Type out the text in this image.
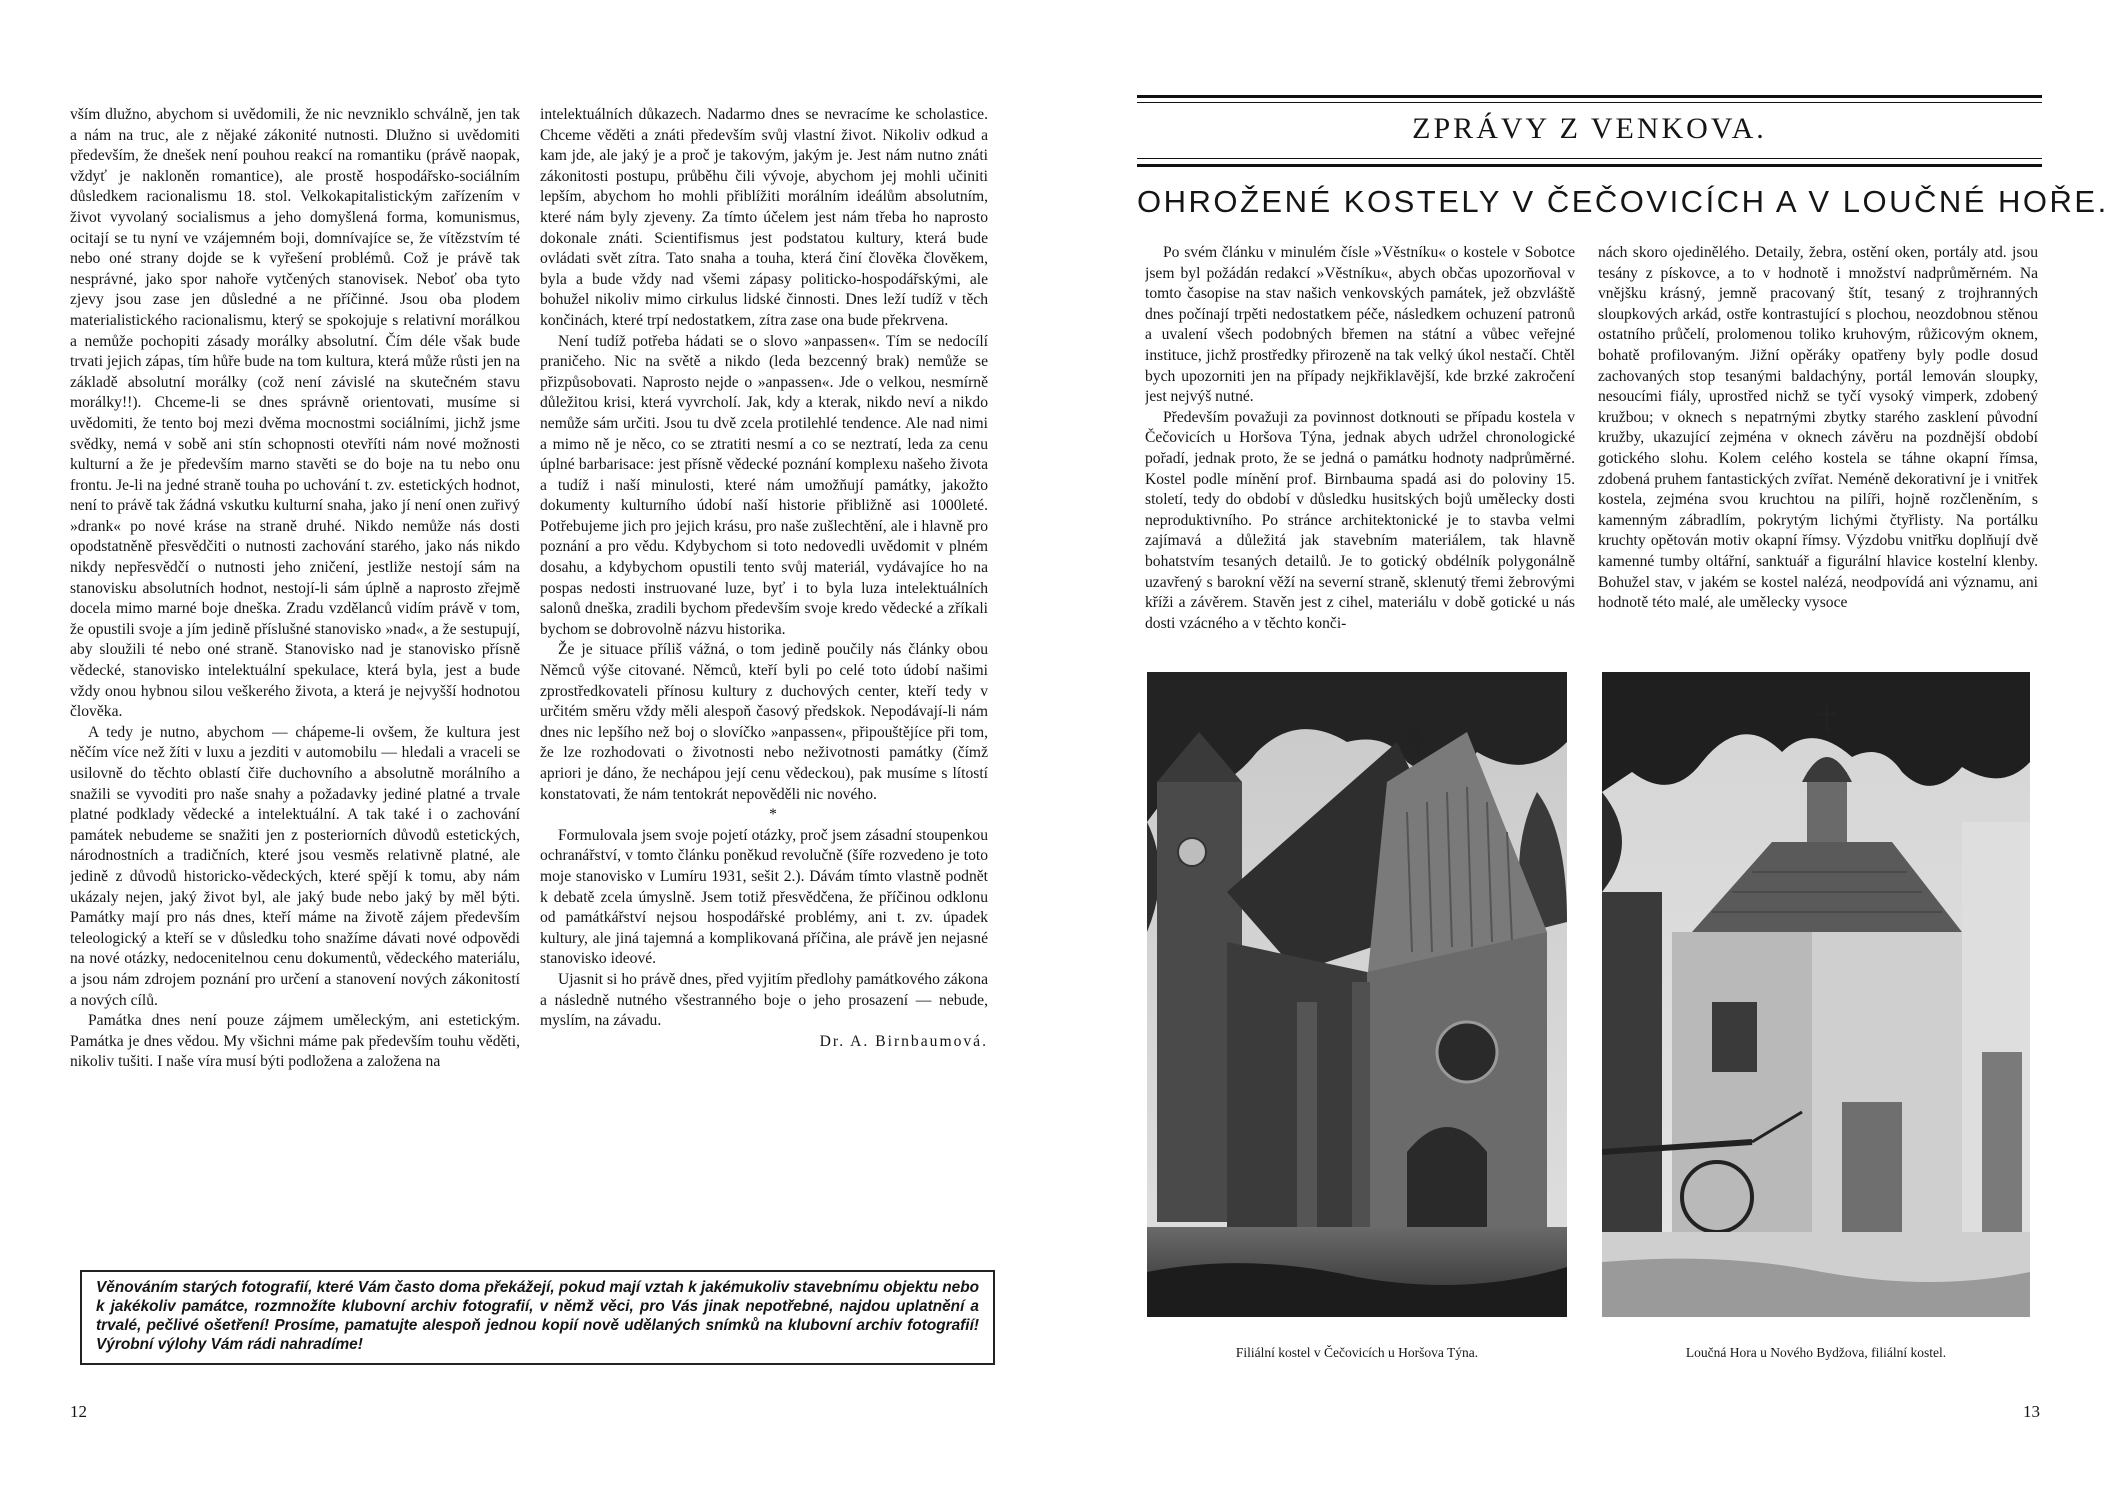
vším dlužno, abychom si uvědomili, že nic nevzniklo schválně, jen tak a nám na truc, ale z nějaké zákonité nutnosti. Dlužno si uvědomiti především, že dnešek není pouhou reakcí na romantiku (právě naopak, vždyť je nakloněn romantice), ale prostě hospodářsko-sociálním důsledkem racionalismu 18. stol. Velkokapitalistickým zařízením v život vyvolaný socialismus a jeho domyšlená forma, komunismus, ocitají se tu nyní ve vzájemném boji, domnívajíce se, že vítězstvím té nebo oné strany dojde se k vyřešení problémů. Což je právě tak nesprávné, jako spor nahoře vytčených stanovisek. Neboť oba tyto zjevy jsou zase jen důsledné a ne příčinné. Jsou oba plodem materialistického racionalismu, který se spokojuje s relativní morálkou a nemůže pochopiti zásady morálky absolutní. Čím déle však bude trvati jejich zápas, tím hůře bude na tom kultura, která může růsti jen na základě absolutní morálky (což není závislé na skutečném stavu morálky!!). Chceme-li se dnes správně orientovati, musíme si uvědomiti, že tento boj mezi dvěma mocnostmi sociálními, jichž jsme svědky, nemá v sobě ani stín schopnosti otevříti nám nové možnosti kulturní a že je především marno stavěti se do boje na tu nebo onu frontu. Je-li na jedné straně touha po uchování t. zv. estetických hodnot, není to právě tak žádná vskutku kulturní snaha, jako jí není onen zuřivý »drank« po nové kráse na straně druhé. Nikdo nemůže nás dosti opodstatněně přesvědčiti o nutnosti zachování starého, jako nás nikdo nikdy nepřesvědčí o nutnosti jeho zničení, jestliže nestojí sám na stanovisku absolutních hodnot, nestojí-li sám úplně a naprosto zřejmě docela mimo marné boje dneška. Zradu vzdělanců vidím právě v tom, že opustili svoje a jím jedině příslušné stanovisko »nad«, a že sestupují, aby sloužili té nebo oné straně. Stanovisko nad je stanovisko přísně vědecké, stanovisko intelektuální spekulace, která byla, jest a bude vždy onou hybnou silou veškerého života, a která je nejvyšší hodnotou člověka.

A tedy je nutno, abychom — chápeme-li ovšem, že kultura jest něčím více než žíti v luxu a jezditi v automobilu — hledali a vraceli se usilovně do těchto oblastí čiře duchovního a absolutně morálního a snažili se vyvoditi pro naše snahy a požadavky jediné platné a trvale platné podklady vědecké a intelektuální. A tak také i o zachování památek nebudeme se snažiti jen z posteriorních důvodů estetických, národnostních a tradičních, které jsou vesměs relativně platné, ale jedině z důvodů historicko-vědeckých, které spějí k tomu, aby nám ukázaly nejen, jaký život byl, ale jaký bude nebo jaký by měl býti. Památky mají pro nás dnes, kteří máme na životě zájem především teleologický a kteří se v důsledku toho snažíme dávati nové odpovědi na nové otázky, nedocenitelnou cenu dokumentů, vědeckého materiálu, a jsou nám zdrojem poznání pro určení a stanovení nových zákonitostí a nových cílů.

Památka dnes není pouze zájmem uměleckým, ani estetickým. Památka je dnes vědou. My všichni máme pak především touhu věděti, nikoliv tušiti. I naše víra musí býti podložena a založena na

intelektuálních důkazech. Nadarmo dnes se nevracíme ke scholastice. Chceme věděti a znáti především svůj vlastní život. Nikoliv odkud a kam jde, ale jaký je a proč je takovým, jakým je. Jest nám nutno znáti zákonitosti postupu, průběhu čili vývoje, abychom jej mohli učiniti lepším, abychom ho mohli přiblížiti morálním ideálům absolutním, které nám byly zjeveny. Za tímto účelem jest nám třeba ho naprosto dokonale znáti. Scientifismus jest podstatou kultury, která bude ovládati svět zítra. Tato snaha a touha, která činí člověka člověkem, byla a bude vždy nad všemi zápasy politicko-hospodářskými, ale bohužel nikoliv mimo cirkulus lidské činnosti. Dnes leží tudíž v těch končinách, které trpí nedostatkem, zítra zase ona bude překrvena.

Není tudíž potřeba hádati se o slovo »anpassen«. Tím se nedocílí praničeho. Nic na světě a nikdo (leda bezcenný brak) nemůže se přizpůsobovati. Naprosto nejde o »anpassen«. Jde o velkou, nesmírně důležitou krisi, která vyvrcholí. Jak, kdy a kterak, nikdo neví a nikdo nemůže sám určiti. Jsou tu dvě zcela protilehlé tendence. Ale nad nimi a mimo ně je něco, co se ztratiti nesmí a co se neztratí, leda za cenu úplné barbarisace: jest přísně vědecké poznání komplexu našeho života a tudíž i naší minulosti, které nám umožňují památky, jakožto dokumenty kulturního údobí naší historie přibližně asi 1000leté. Potřebujeme jich pro jejich krásu, pro naše zušlechtění, ale i hlavně pro poznání a pro vědu. Kdybychom si toto nedovedli uvědomit v plném dosahu, a kdybychom opustili tento svůj materiál, vydávajíce ho na pospas nedosti instruované luze, byť i to byla luza intelektuálních salonů dneška, zradili bychom především svoje kredo vědecké a zříkali bychom se dobrovolně názvu historika.

Že je situace příliš vážná, o tom jedině poučily nás články obou Němců výše citované. Němců, kteří byli po celé toto údobí našimi zprostředkovateli přínosu kultury z duchových center, kteří tedy v určitém směru vždy měli alespoň časový předskok. Nepodávají-li nám dnes nic lepšího než boj o slovíčko »anpassen«, připouštějíce při tom, že lze rozhodovati o životnosti nebo neživotnosti památky (čímž apriori je dáno, že nechápou její cenu vědeckou), pak musíme s lítostí konstatovati, že nám tentokrát nepověděli nic nového.

*

Formulovala jsem svoje pojetí otázky, proč jsem zásadní stoupenkou ochranářství, v tomto článku poněkud revolučně (šíře rozvedeno je toto moje stanovisko v Lumíru 1931, sešit 2.). Dávám tímto vlastně podnět k debatě zcela úmyslně. Jsem totiž přesvědčena, že příčinou odklonu od památkářství nejsou hospodářské problémy, ani t. zv. úpadek kultury, ale jiná tajemná a komplikovaná příčina, ale právě jen nejasné stanovisko ideové.

Ujasnit si ho právě dnes, před vyjitím předlohy památkového zákona a následně nutného všestranného boje o jeho prosazení — nebude, myslím, na závadu.

Dr. A. Birnbaumová.

Věnováním starých fotografií, které Vám často doma překážejí, pokud mají vztah k jakémukoliv stavebnímu objektu nebo k jakékoliv památce, rozmnožíte klubovní archiv fotografií, v němž věci, pro Vás jinak nepotřebné, najdou uplatnění a trvalé, pečlivé ošetření! Prosíme, pamatujte alespoň jednou kopií nově udělaných snímků na klubovní archiv fotografií! Výrobní výlohy Vám rádi nahradíme!
12
ZPRÁVY Z VENKOVA.
OHROŽENÉ KOSTELY V ČEČOVICÍCH A V LOUČNÉ HOŘE.

Po svém článku v minulém čísle »Věstníku« o kostele v Sobotce jsem byl požádán redakcí »Věstníku«, abych občas upozorňoval v tomto časopise na stav našich venkovských památek, jež obzvláště dnes počínají trpěti nedostatkem péče, následkem ochuzení patronů a uvalení všech podobných břemen na státní a vůbec veřejné instituce, jichž prostředky přirozeně na tak velký úkol nestačí. Chtěl bych upozorniti jen na případy nejkřiklavější, kde brzké zakročení jest nejvýš nutné.

Především považuji za povinnost dotknouti se případu kostela v Čečovicích u Horšova Týna, jednak abych udržel chronologické pořadí, jednak proto, že se jedná o památku hodnoty nadprůměrné. Kostel podle mínění prof. Birnbauma spadá asi do poloviny 15. století, tedy do období v důsledku husitských bojů umělecky dosti neproduktivního. Po stránce architektonické je to stavba velmi zajímavá a důležitá jak stavebním materiálem, tak hlavně bohatstvím tesaných detailů. Je to gotický obdélník polygonálně uzavřený s barokní věží na severní straně, sklenutý třemi žebrovými kříži a závěrem. Stavěn jest z cihel, materiálu v době gotické u nás dosti vzácného a v těchto konči-

nách skoro ojedinělého. Detaily, žebra, ostění oken, portály atd. jsou tesány z pískovce, a to v hodnotě i množství nadprůměrném. Na vnějšku krásný, jemně pracovaný štít, tesaný z trojhranných sloupkových arkád, ostře kontrastující s plochou, neozdobnou stěnou ostatního průčelí, prolomenou toliko kruhovým, růžicovým oknem, bohatě profilovaným. Jižní opěráky opatřeny byly podle dosud zachovaných stop tesanými baldachýny, portál lemován sloupky, nesoucími fiály, uprostřed nichž se tyčí vysoký vimperk, zdobený kružbou; v oknech s nepatrnými zbytky starého zasklení původní kružby, ukazující zejména v oknech závěru na pozdnější období gotického slohu. Kolem celého kostela se táhne okapní římsa, zdobená pruhem fantastických zvířat. Neméně dekorativní je i vnitřek kostela, zejména svou kruchtou na pilíři, hojně rozčleněním, s kamenným zábradlím, pokrytým lichými čtyřlisty. Na portálku kruchty opětován motiv okapní římsy. Výzdobu vnitřku doplňují dvě kamenné tumby oltářní, sanktuář a figurální hlavice kostelní klenby. Bohužel stav, v jakém se kostel nalézá, neodpovídá ani významu, ani hodnotě této malé, ale umělecky vysoce

Filiální kostel v Čečovicích u Horšova Týna.	Loučná Hora u Nového Bydžova, filiální kostel.
13
